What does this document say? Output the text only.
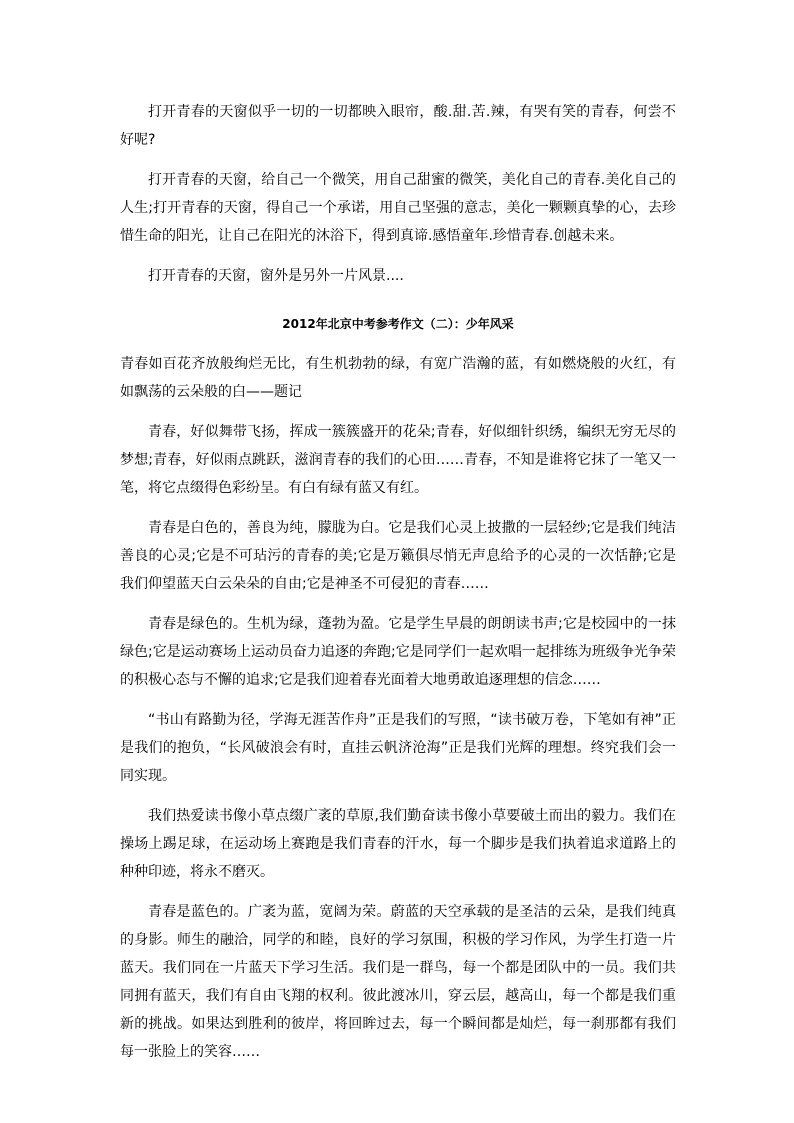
打开青春的天窗似乎一切的一切都映入眼帘，酸.甜.苦.辣，有哭有笑的青春，何尝不好呢?

打开青春的天窗，给自己一个微笑，用自己甜蜜的微笑，美化自己的青春.美化自己的人生;打开青春的天窗，得自己一个承诺，用自己坚强的意志，美化一颗颗真挚的心，去珍惜生命的阳光，让自己在阳光的沐浴下，得到真谛.感悟童年.珍惜青春.创越未来。

打开青春的天窗，窗外是另外一片风景....

2012年北京中考参考作文（二）：少年风采

青春如百花齐放般绚烂无比，有生机勃勃的绿，有宽广浩瀚的蓝，有如燃烧般的火红，有如飘荡的云朵般的白——题记

青春，好似舞带飞扬，挥成一簇簇盛开的花朵;青春，好似细针织绣，编织无穷无尽的梦想;青春，好似雨点跳跃，滋润青春的我们的心田……青春，不知是谁将它抹了一笔又一笔，将它点缀得色彩纷呈。有白有绿有蓝又有红。

青春是白色的，善良为纯，朦胧为白。它是我们心灵上披撒的一层轻纱;它是我们纯洁善良的心灵;它是不可玷污的青春的美;它是万籁俱尽悄无声息给予的心灵的一次恬静;它是我们仰望蓝天白云朵朵的自由;它是神圣不可侵犯的青春……

青春是绿色的。生机为绿，蓬勃为盈。它是学生早晨的朗朗读书声;它是校园中的一抹绿色;它是运动赛场上运动员奋力追逐的奔跑;它是同学们一起欢唱一起排练为班级争光争荣的积极心态与不懈的追求;它是我们迎着春光面着大地勇敢追逐理想的信念……

“书山有路勤为径，学海无涯苦作舟”正是我们的写照，“读书破万卷，下笔如有神”正是我们的抱负，“长风破浪会有时，直挂云帆济沧海”正是我们光辉的理想。终究我们会一同实现。

我们热爱读书像小草点缀广袤的草原,我们勤奋读书像小草要破土而出的毅力。我们在操场上踢足球，在运动场上赛跑是我们青春的汗水，每一个脚步是我们执着追求道路上的种种印迹，将永不磨灭。

青春是蓝色的。广袤为蓝，宽阔为荣。蔚蓝的天空承载的是圣洁的云朵，是我们纯真的身影。师生的融洽，同学的和睦，良好的学习氛围，积极的学习作风，为学生打造一片蓝天。我们同在一片蓝天下学习生活。我们是一群鸟，每一个都是团队中的一员。我们共同拥有蓝天，我们有自由飞翔的权利。彼此渡冰川，穿云层，越高山，每一个都是我们重新的挑战。如果达到胜利的彼岸，将回眸过去，每一个瞬间都是灿烂，每一刹那都有我们每一张脸上的笑容……
